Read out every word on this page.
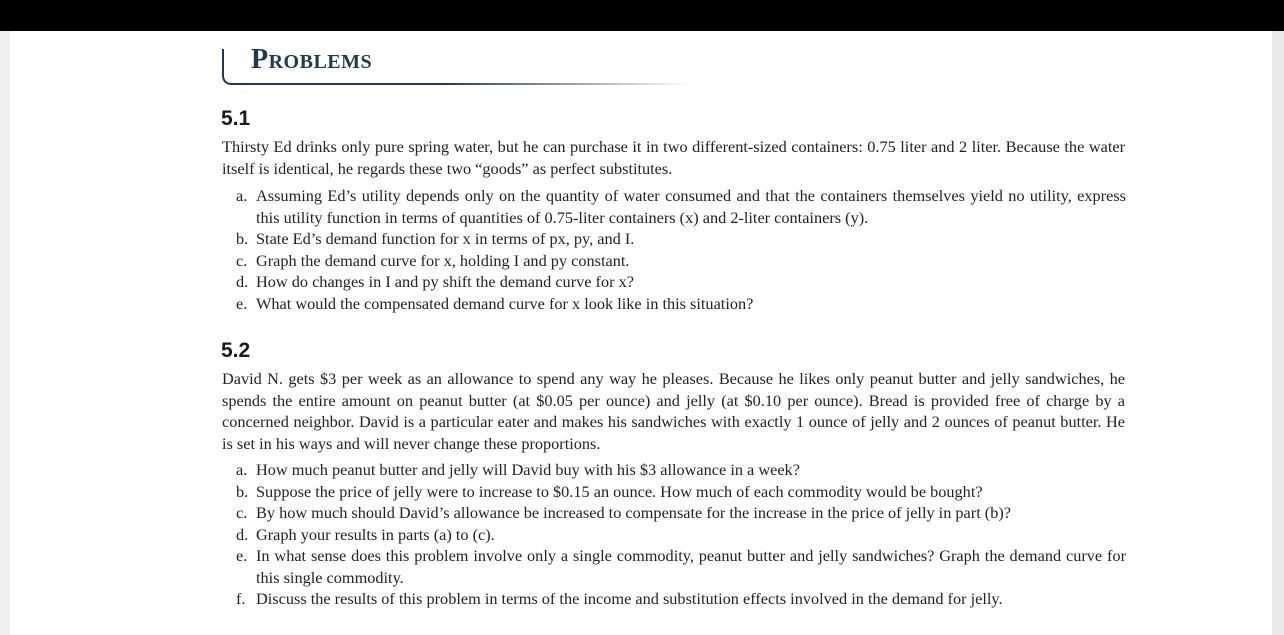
Problems
5.1

Thirsty Ed drinks only pure spring water, but he can purchase it in two different-sized containers: 0.75 liter and 2 liter. Because the water itself is identical, he regards these two “goods” as perfect substitutes.

a. Assuming Ed’s utility depends only on the quantity of water consumed and that the containers themselves yield no utility, express this utility function in terms of quantities of 0.75-liter containers (x) and 2-liter containers (y).
b. State Ed’s demand function for x in terms of px, py, and I.
c. Graph the demand curve for x, holding I and py constant.
d. How do changes in I and py shift the demand curve for x?
e. What would the compensated demand curve for x look like in this situation?
5.2

David N. gets $3 per week as an allowance to spend any way he pleases. Because he likes only peanut butter and jelly sandwiches, he spends the entire amount on peanut butter (at $0.05 per ounce) and jelly (at $0.10 per ounce). Bread is provided free of charge by a concerned neighbor. David is a particular eater and makes his sandwiches with exactly 1 ounce of jelly and 2 ounces of peanut butter. He is set in his ways and will never change these proportions.

a. How much peanut butter and jelly will David buy with his $3 allowance in a week?
b. Suppose the price of jelly were to increase to $0.15 an ounce. How much of each commodity would be bought?
c. By how much should David’s allowance be increased to compensate for the increase in the price of jelly in part (b)?
d. Graph your results in parts (a) to (c).
e. In what sense does this problem involve only a single commodity, peanut butter and jelly sandwiches? Graph the demand curve for this single commodity.
f. Discuss the results of this problem in terms of the income and substitution effects involved in the demand for jelly.
